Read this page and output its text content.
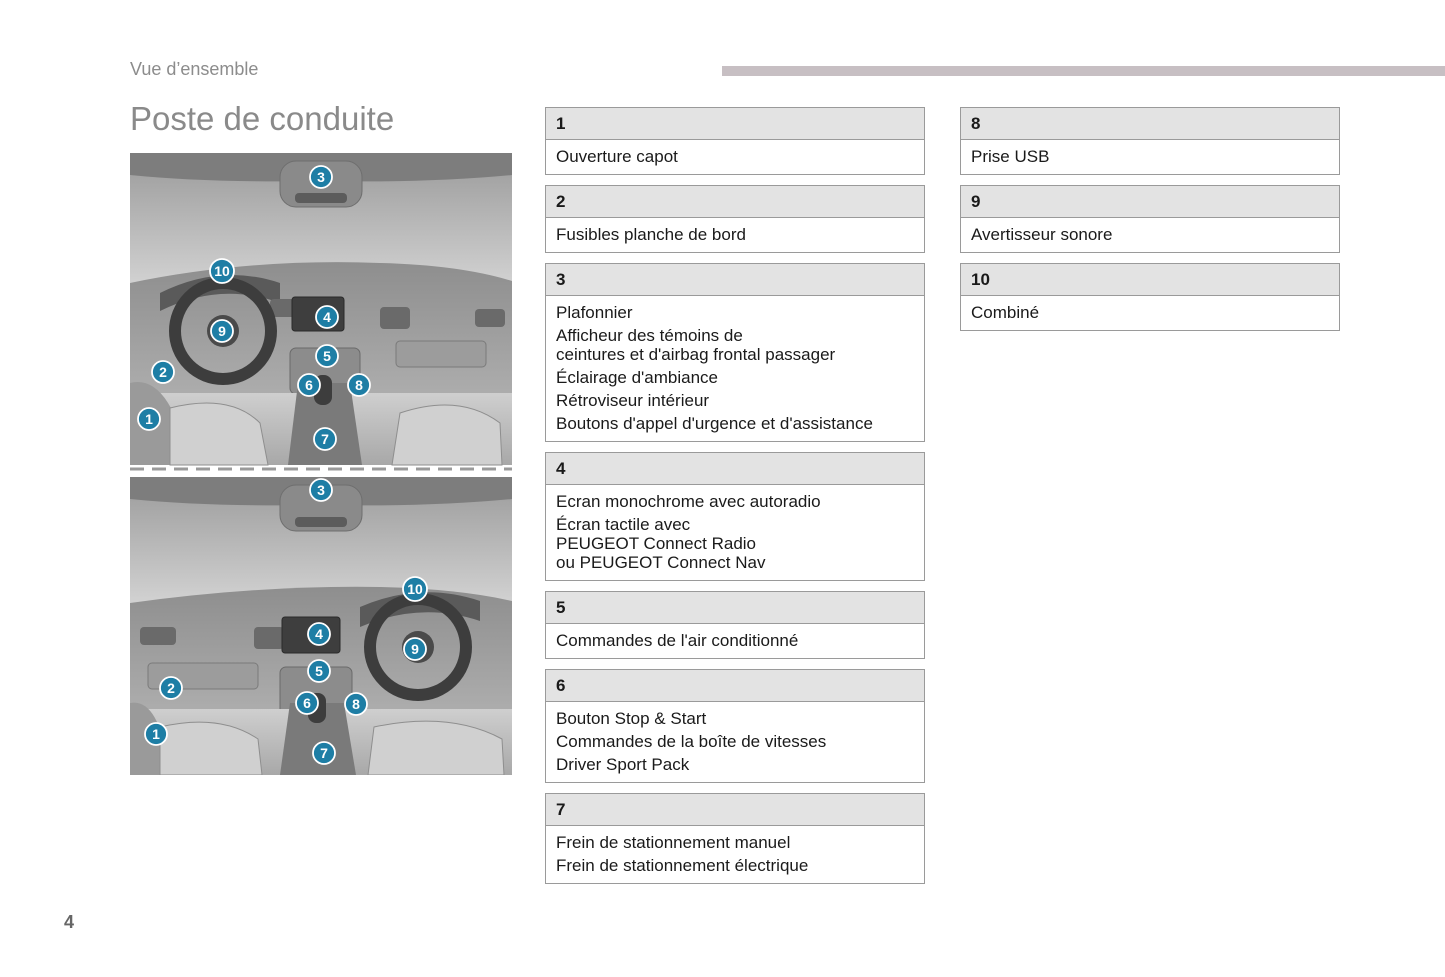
Vue d’ensemble
Poste de conduite
1
2
3
4
5
6
7
8
9
10
1
2
3
4
5
6
7
8
9
10
1
Ouverture capot
2
Fusibles planche de bord
3
Plafonnier
Afficheur des témoins de
ceintures et d'airbag frontal passager
Éclairage d'ambiance
Rétroviseur intérieur
Boutons d'appel d'urgence et d'assistance
4
Ecran monochrome avec autoradio
Écran tactile avec
PEUGEOT Connect Radio
ou PEUGEOT Connect Nav
5
Commandes de l'air conditionné
6
Bouton Stop & Start
Commandes de la boîte de vitesses
Driver Sport Pack
7
Frein de stationnement manuel
Frein de stationnement électrique
8
Prise USB
9
Avertisseur sonore
10
Combiné
4
